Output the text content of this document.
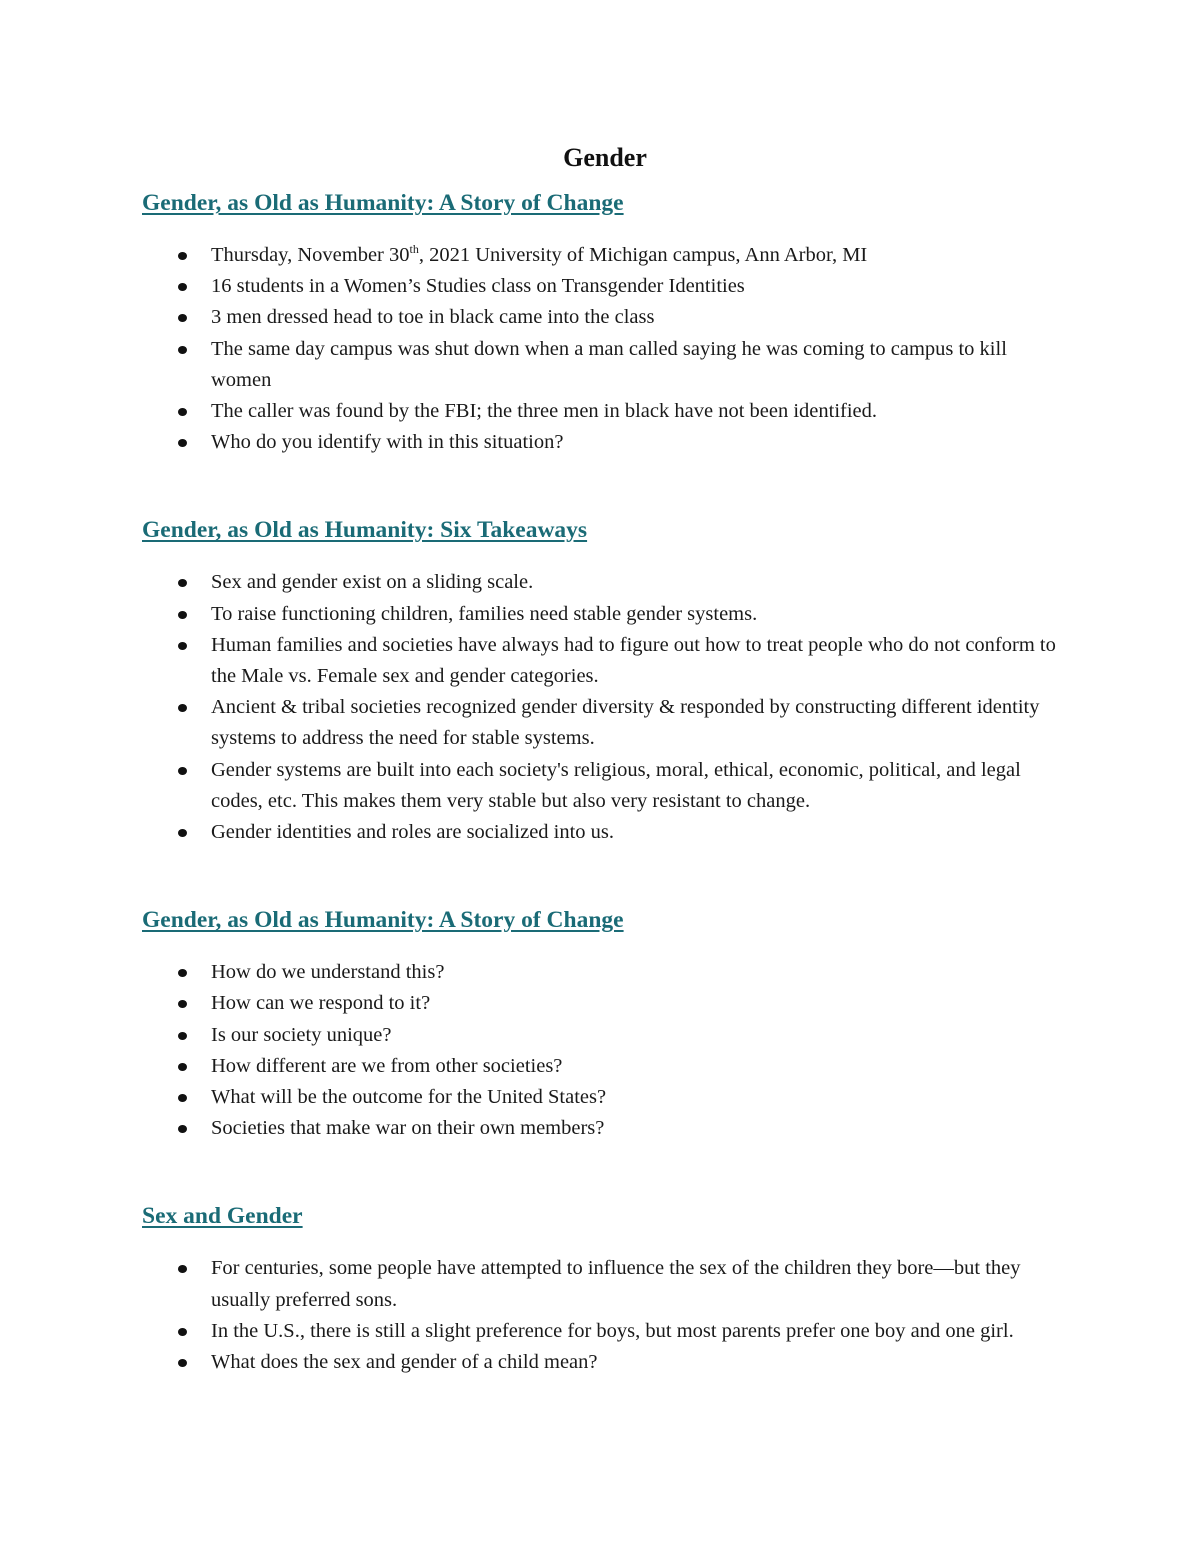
Gender
Gender, as Old as Humanity: A Story of Change
Thursday, November 30th, 2021 University of Michigan campus, Ann Arbor, MI
16 students in a Women’s Studies class on Transgender Identities
3 men dressed head to toe in black came into the class
The same day campus was shut down when a man called saying he was coming to campus to kill women
The caller was found by the FBI; the three men in black have not been identified.
Who do you identify with in this situation?
Gender, as Old as Humanity: Six Takeaways
Sex and gender exist on a sliding scale.
To raise functioning children, families need stable gender systems.
Human families and societies have always had to figure out how to treat people who do not conform to the Male vs. Female sex and gender categories.
Ancient & tribal societies recognized gender diversity & responded by constructing different identity systems to address the need for stable systems.
Gender systems are built into each society's religious, moral, ethical, economic, political, and legal codes, etc. This makes them very stable but also very resistant to change.
Gender identities and roles are socialized into us.
Gender, as Old as Humanity: A Story of Change
How do we understand this?
How can we respond to it?
Is our society unique?
How different are we from other societies?
What will be the outcome for the United States?
Societies that make war on their own members?
Sex and Gender
For centuries, some people have attempted to influence the sex of the children they bore—but they usually preferred sons.
In the U.S., there is still a slight preference for boys, but most parents prefer one boy and one girl.
What does the sex and gender of a child mean?
